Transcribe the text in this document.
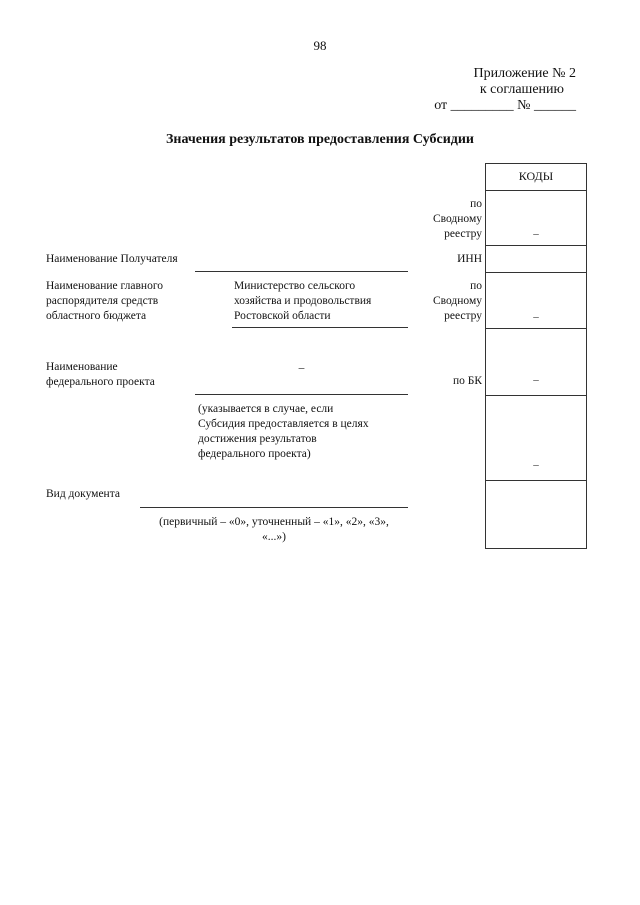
98
Приложение № 2
к соглашению
от _________ № ______
Значения результатов предоставления Субсидии
КОДЫ
–
–
–
–
по
Сводному
реестру
ИНН
по
Сводному
реестру
по БК
Наименование Получателя
Наименование главного
распорядителя средств
областного бюджета
Министерство сельского
хозяйства и продовольствия
Ростовской области
Наименование
федерального проекта
–
(указывается в случае, если
Субсидия предоставляется в целях
достижения результатов
федерального проекта)
Вид документа
(первичный – «0», уточненный – «1», «2», «3»,
«...»)
